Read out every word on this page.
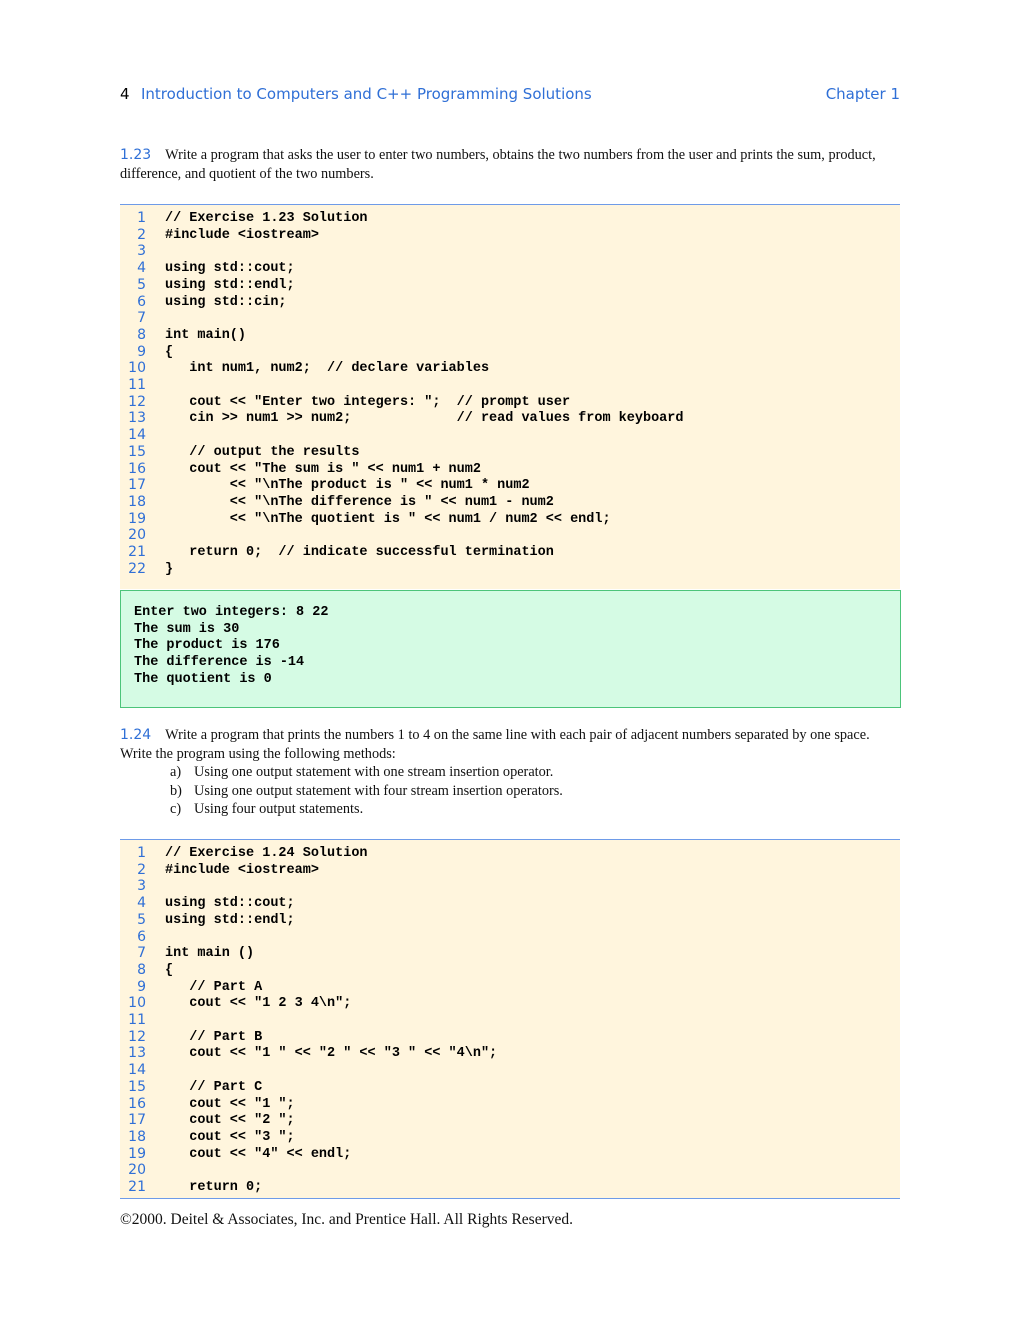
4 Introduction to Computers and C++ Programming Solutions	Chapter 1
1.23 Write a program that asks the user to enter two numbers, obtains the two numbers from the user and prints the sum, product, difference, and quotient of the two numbers.
1 // Exercise 1.23 Solution
2 #include <iostream>
3
4 using std::cout;
5 using std::endl;
6 using std::cin;
7
8 int main()
9 {
10 int num1, num2;  // declare variables
11
12 cout << "Enter two integers: ";  // prompt user
13 cin >> num1 >> num2;             // read values from keyboard
14
15 // output the results
16 cout << "The sum is " << num1 + num2
17 << "\nThe product is " << num1 * num2
18 << "\nThe difference is " << num1 - num2
19 << "\nThe quotient is " << num1 / num2 << endl;
20
21 return 0;  // indicate successful termination
22 }
Enter two integers: 8 22
The sum is 30
The product is 176
The difference is -14
The quotient is 0
1.24 Write a program that prints the numbers 1 to 4 on the same line with each pair of adjacent numbers separated by one space. Write the program using the following methods:
a) Using one output statement with one stream insertion operator.
b) Using one output statement with four stream insertion operators.
c) Using four output statements.
1 // Exercise 1.24 Solution
2 #include <iostream>
3
4 using std::cout;
5 using std::endl;
6
7 int main ()
8 {
9 // Part A
10 cout << "1 2 3 4\n";
11
12 // Part B
13 cout << "1 " << "2 " << "3 " << "4\n";
14
15 // Part C
16 cout << "1 ";
17 cout << "2 ";
18 cout << "3 ";
19 cout << "4" << endl;
20
21 return 0;
©2000. Deitel & Associates, Inc. and Prentice Hall. All Rights Reserved.
